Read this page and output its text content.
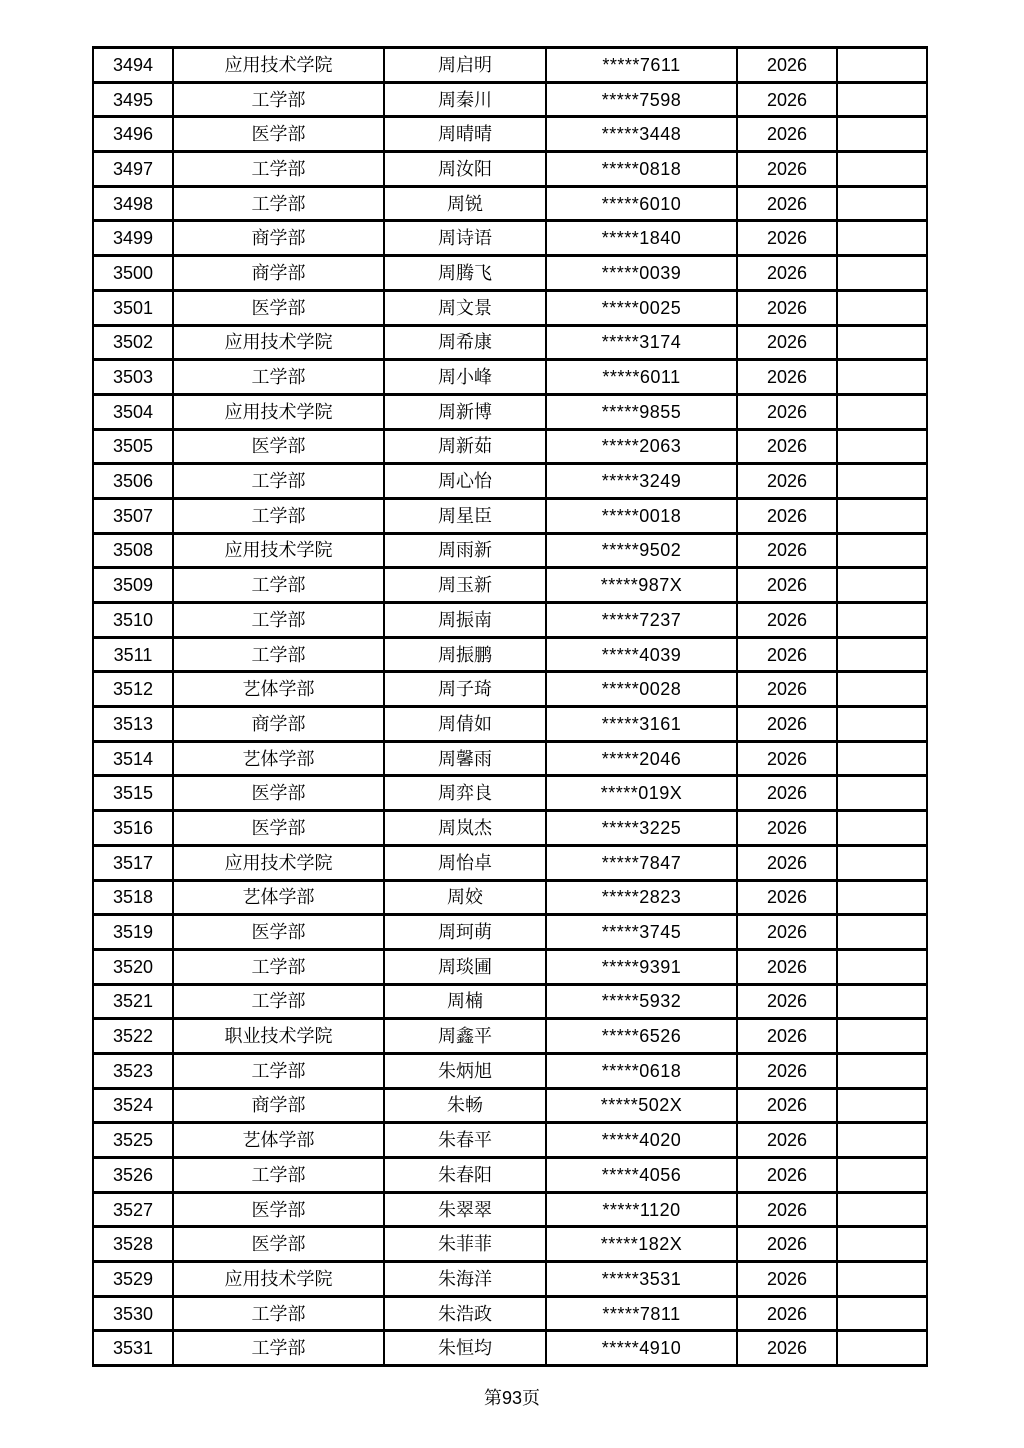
3494	应用技术学院	周启明	*****7611	2026	
3495	工学部	周秦川	*****7598	2026	
3496	医学部	周晴晴	*****3448	2026	
3497	工学部	周汝阳	*****0818	2026	
3498	工学部	周锐	*****6010	2026	
3499	商学部	周诗语	*****1840	2026	
3500	商学部	周腾飞	*****0039	2026	
3501	医学部	周文景	*****0025	2026	
3502	应用技术学院	周希康	*****3174	2026	
3503	工学部	周小峰	*****6011	2026	
3504	应用技术学院	周新博	*****9855	2026	
3505	医学部	周新茹	*****2063	2026	
3506	工学部	周心怡	*****3249	2026	
3507	工学部	周星臣	*****0018	2026	
3508	应用技术学院	周雨新	*****9502	2026	
3509	工学部	周玉新	*****987X	2026	
3510	工学部	周振南	*****7237	2026	
3511	工学部	周振鹏	*****4039	2026	
3512	艺体学部	周子琦	*****0028	2026	
3513	商学部	周倩如	*****3161	2026	
3514	艺体学部	周馨雨	*****2046	2026	
3515	医学部	周弈良	*****019X	2026	
3516	医学部	周岚杰	*****3225	2026	
3517	应用技术学院	周怡卓	*****7847	2026	
3518	艺体学部	周姣	*****2823	2026	
3519	医学部	周珂萌	*****3745	2026	
3520	工学部	周琰圃	*****9391	2026	
3521	工学部	周楠	*****5932	2026	
3522	职业技术学院	周鑫平	*****6526	2026	
3523	工学部	朱炳旭	*****0618	2026	
3524	商学部	朱畅	*****502X	2026	
3525	艺体学部	朱春平	*****4020	2026	
3526	工学部	朱春阳	*****4056	2026	
3527	医学部	朱翠翠	*****1120	2026	
3528	医学部	朱菲菲	*****182X	2026	
3529	应用技术学院	朱海洋	*****3531	2026	
3530	工学部	朱浩政	*****7811	2026	
3531	工学部	朱恒均	*****4910	2026	
第93页
